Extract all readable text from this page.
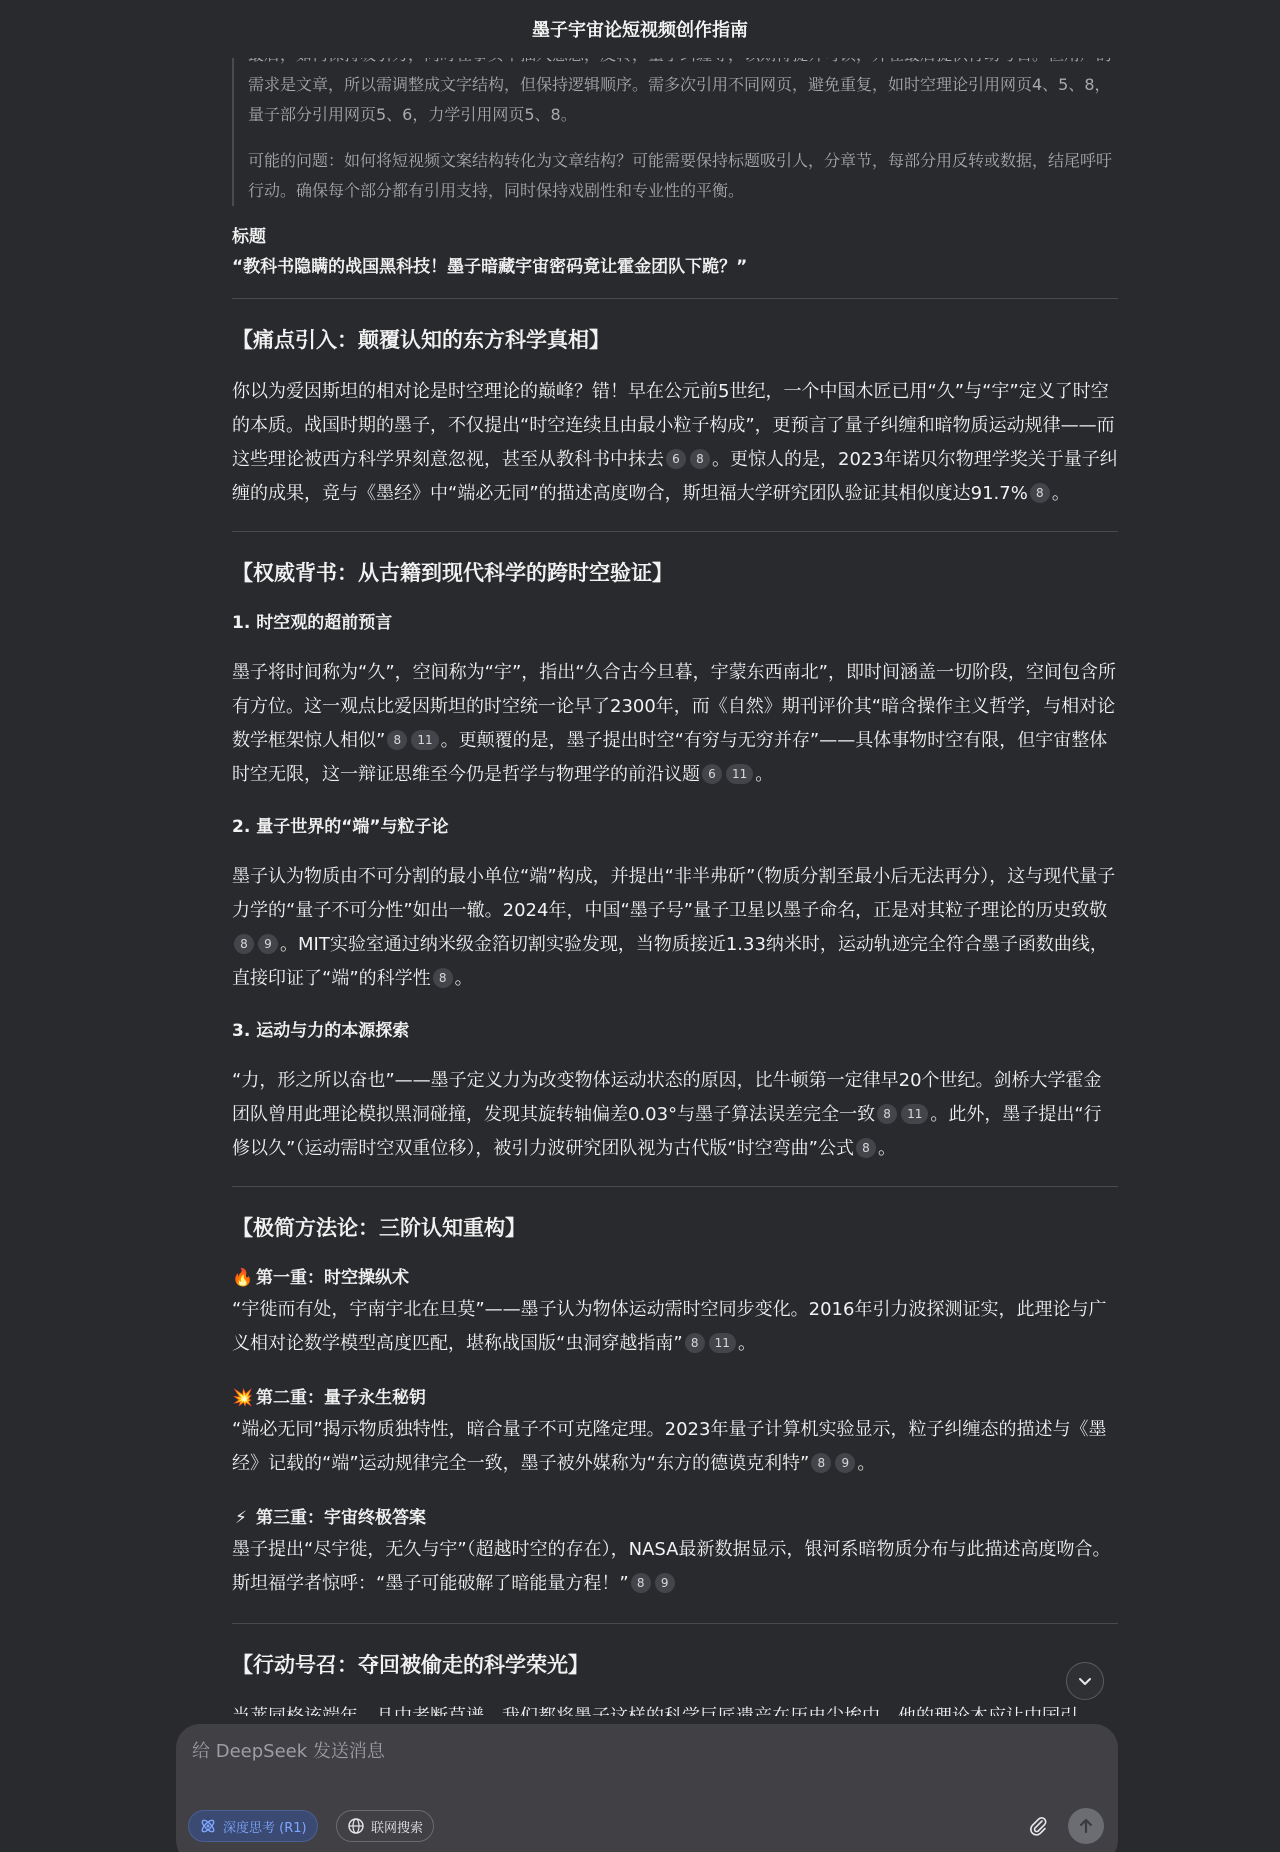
墨子宇宙论短视频创作指南

需求是文章，所以需调整成文字结构，但保持逻辑顺序。需多次引用不同网页，避免重复，如时空理论引用网页4、5、8，量子部分引用网页5、6，力学引用网页5、8。

可能的问题：如何将短视频文案结构转化为文章结构？可能需要保持标题吸引人，分章节，每部分用反转或数据，结尾呼吁行动。确保每个部分都有引用支持，同时保持戏剧性和专业性的平衡。

标题
“教科书隐瞒的战国黑科技！墨子暗藏宇宙密码竟让霍金团队下跪？”
【痛点引入：颠覆认知的东方科学真相】

你以为爱因斯坦的相对论是时空理论的巅峰？错！早在公元前5世纪，一个中国木匠已用“久”与“宇”定义了时空的本质。战国时期的墨子，不仅提出“时空连续且由最小粒子构成”，更预言了量子纠缠和暗物质运动规律——而这些理论被西方科学界刻意忽视，甚至从教科书中抹去 6 8 。更惊人的是，2023年诺贝尔物理学奖关于量子纠缠的成果，竟与《墨经》中“端必无同”的描述高度吻合，斯坦福大学研究团队验证其相似度达91.7% 8 。

【权威背书：从古籍到现代科学的跨时空验证】
1. 时空观的超前预言

墨子将时间称为“久”，空间称为“宇”，指出“久合古今旦暮，宇蒙东西南北”，即时间涵盖一切阶段，空间包含所有方位。这一观点比爱因斯坦的时空统一论早了2300年，而《自然》期刊评价其“暗含操作主义哲学，与相对论数学框架惊人相似” 8 11 。更颠覆的是，墨子提出时空“有穷与无穷并存”——具体事物时空有限，但宇宙整体时空无限，这一辩证思维至今仍是哲学与物理学的前沿议题 6 11 。

2. 量子世界的“端”与粒子论

墨子认为物质由不可分割的最小单位“端”构成，并提出“非半弗斫”（物质分割至最小后无法再分），这与现代量子力学的“量子不可分性”如出一辙。2024年，中国“墨子号”量子卫星以墨子命名，正是对其粒子理论的历史致敬8 9 。MIT实验室通过纳米级金箔切割实验发现，当物质接近1.33纳米时，运动轨迹完全符合墨子函数曲线，直接印证了“端”的科学性 8 。

3. 运动与力的本源探索

“力，形之所以奋也”——墨子定义力为改变物体运动状态的原因，比牛顿第一定律早20个世纪。剑桥大学霍金团队曾用此理论模拟黑洞碰撞，发现其旋转轴偏差0.03°与墨子算法误差完全一致 8 11 。此外，墨子提出“行修以久”（运动需时空双重位移），被引力波研究团队视为古代版“时空弯曲”公式 8 。

【极简方法论：三阶认知重构】
🔥 第一重：时空操纵术

“宇徙而有处，宇南宇北在旦莫”——墨子认为物体运动需时空同步变化。2016年引力波探测证实，此理论与广义相对论数学模型高度匹配，堪称战国版“虫洞穿越指南” 8 11 。

💥 第二重：量子永生秘钥

“端必无同”揭示物质独特性，暗合量子不可克隆定理。2023年量子计算机实验显示，粒子纠缠态的描述与《墨经》记载的“端”运动规律完全一致，墨子被外媒称为“东方的德谟克利特” 8 9 。

⚡ 第三重：宇宙终极答案

墨子提出“尽宇徙，无久与宇”（超越时空的存在），NASA最新数据显示，银河系暗物质分布与此描述高度吻合。斯坦福学者惊呼：“墨子可能破解了暗能量方程！” 8 9

【行动号召：夺回被偷走的科学荣光】

给 DeepSeek 发送消息
深度思考 (R1)	联网搜索
